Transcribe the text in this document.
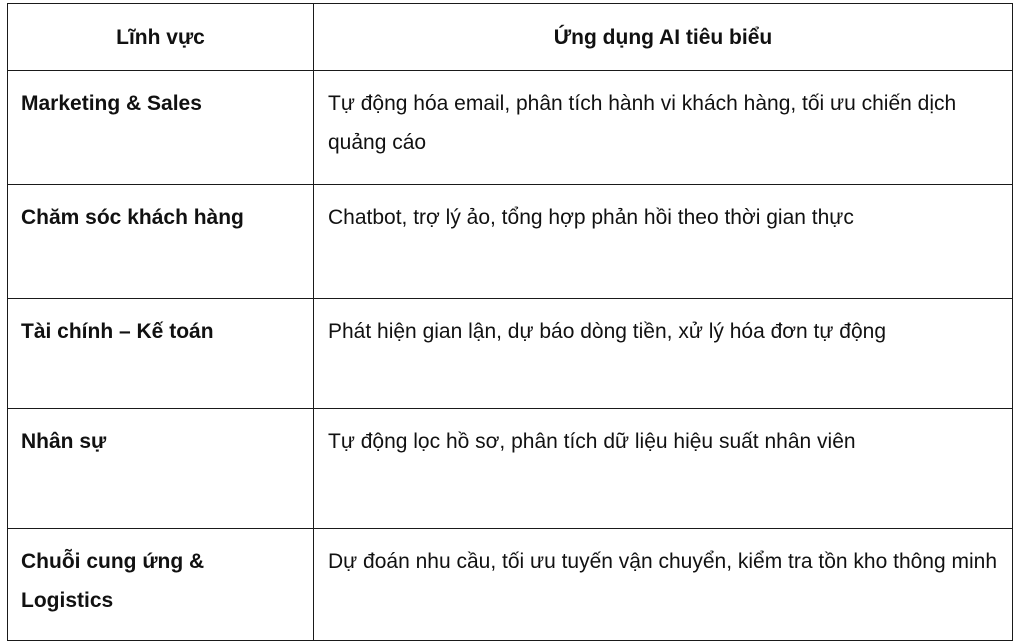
Lĩnh vực	Ứng dụng AI tiêu biểu
Marketing & Sales	Tự động hóa email, phân tích hành vi khách hàng, tối ưu chiến dịch quảng cáo
Chăm sóc khách hàng	Chatbot, trợ lý ảo, tổng hợp phản hồi theo thời gian thực
Tài chính – Kế toán	Phát hiện gian lận, dự báo dòng tiền, xử lý hóa đơn tự động
Nhân sự	Tự động lọc hồ sơ, phân tích dữ liệu hiệu suất nhân viên
Chuỗi cung ứng & Logistics	Dự đoán nhu cầu, tối ưu tuyến vận chuyển, kiểm tra tồn kho thông minh
